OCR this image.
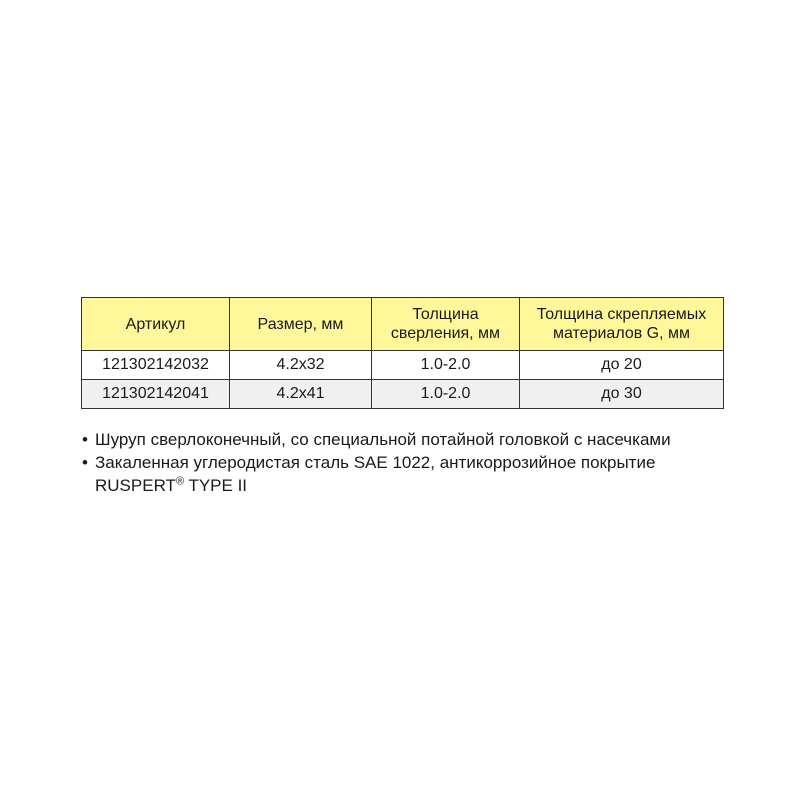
Артикул	Размер, мм	Толщина сверления, мм	Толщина скрепляемых материалов G, мм
121302142032	4.2x32	1.0-2.0	до 20
121302142041	4.2x41	1.0-2.0	до 30
• Шуруп сверлоконечный, со специальной потайной головкой с насечками
• Закаленная углеродистая сталь SAE 1022, антикоррозийное покрытие RUSPERT® TYPE II
